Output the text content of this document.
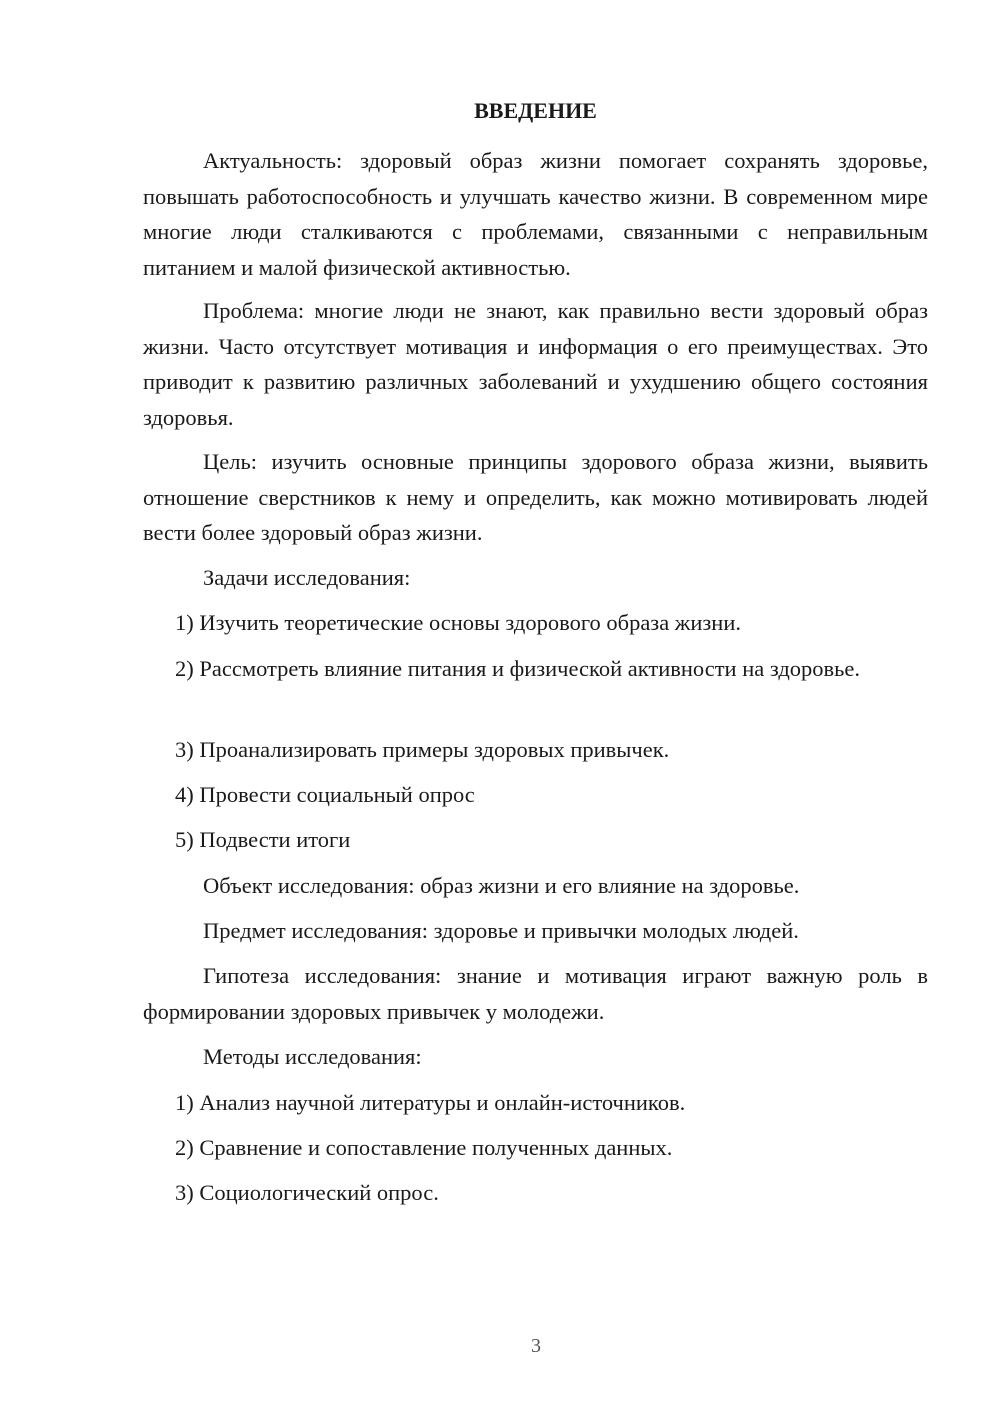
ВВЕДЕНИЕ

Актуальность: здоровый образ жизни помогает сохранять здоровье, повышать работоспособность и улучшать качество жизни. В современном мире многие люди сталкиваются с проблемами, связанными с неправильным питанием и малой физической активностью.

Проблема: многие люди не знают, как правильно вести здоровый образ жизни. Часто отсутствует мотивация и информация о его преимуществах. Это приводит к развитию различных заболеваний и ухудшению общего состояния здоровья.

Цель: изучить основные принципы здорового образа жизни, выявить отношение сверстников к нему и определить, как можно мотивировать людей вести более здоровый образ жизни.

Задачи исследования:

1) Изучить теоретические основы здорового образа жизни.

2) Рассмотреть влияние питания и физической активности на здоровье.

3) Проанализировать примеры здоровых привычек.

4) Провести социальный опрос

5) Подвести итоги

Объект исследования: образ жизни и его влияние на здоровье.

Предмет исследования: здоровье и привычки молодых людей.

Гипотеза исследования: знание и мотивация играют важную роль в формировании здоровых привычек у молодежи.

Методы исследования:

1) Анализ научной литературы и онлайн-источников.

2) Сравнение и сопоставление полученных данных.

3) Социологический опрос.

3
